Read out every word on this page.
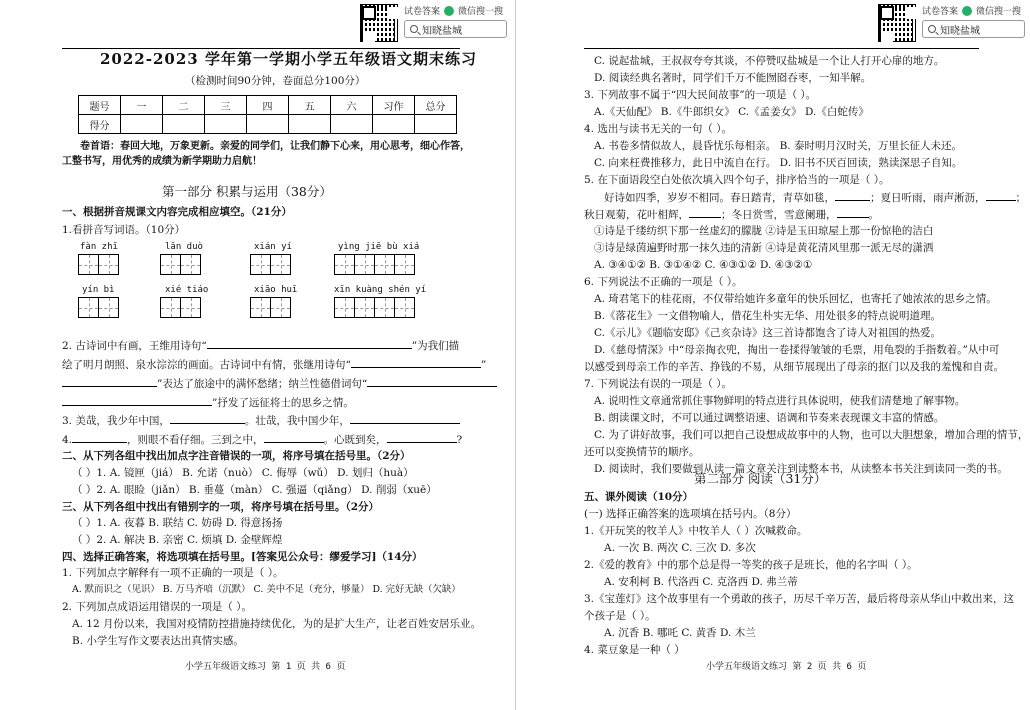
试卷答案 微信搜一搜
知晓盐城
2022-2023 学年第一学期小学五年级语文期末练习
（检测时间90分钟，卷面总分100分）
题号	一	二	三	四	五	六	习作	总分
得分								
卷首语：春回大地，万象更新。亲爱的同学们，让我们静下心来，用心思考，细心作答，
工整书写，用优秀的成绩为新学期助力启航！
第一部分 积累与运用（38分）
一、根据拼音规课文内容完成相应填空。（21分）
1.看拼音写词语。（10分）
fàn zhī	lǎn duò	xián yí	yìng jiē bù xiá
yín bì	xié tiáo	xiāo huī	xīn kuàng shén yí
2. 古诗词中有画，王维用诗句“	”为我们描
绘了明月朗照、泉水淙淙的画面。古诗词中有情，张继用诗句“	”
”表达了旅途中的满怀愁绪；纳兰性德借词句“
”抒发了远征将士的思乡之情。
3. 美哉，我少年中国，	。壮哉，我中国少年，
4.	，则眼不看仔细。三到之中，	。心既到矣，	?
二、从下列各组中找出加点字注音错误的一项，将序号填在括号里。（2分）
（ ）1. A. 镜匣（jiá） B. 允诺（nuò） C. 侮辱（wǔ） D. 划归（huà）
（ ）2. A. 眼睑（jiǎn） B. 垂蔓（màn） C. 强逼（qiǎng） D. 削弱（xuē）
三、从下列各组中找出有错别字的一项，将序号填在括号里。（2分）
（ ）1. A. 夜暮 B. 联结 C. 妨碍 D. 得意扬扬
（ ）2. A. 解决 B. 亲密 C. 烦填 D. 金壁辉煌
四、选择正确答案，将选项填在括号里。[答案见公众号：缪爱学习]（14分）
1. 下列加点字解释有一项不正确的一项是（ ）。
A. 默而识之（见识） B. 万马齐喑（沉默） C. 美中不足（充分，够量） D. 完好无缺（欠缺）
2. 下列加点成语运用错误的一项是（ ）。
A. 12 月份以来，我国对疫情防控措施持续优化，为的是扩大生产，让老百姓安居乐业。
B. 小学生写作文要表达出真情实感。
小学五年级语文练习 第 1 页 共 6 页
试卷答案 微信搜一搜
知晓盐城
C. 说起盐城，王叔叔夸夸其谈，不停赞叹盐城是一个让人打开心扉的地方。
D. 阅读经典名著时，同学们千万不能囫囵吞枣，一知半解。
3. 下列故事不属于“四大民间故事”的一项是（ ）。
A.《天仙配》 B.《牛郎织女》 C.《孟姜女》 D.《白蛇传》
4. 选出与读书无关的一句（ ）。
A. 书卷多情似故人，晨昏忧乐每相亲。 B. 泰时明月汉时关，万里长征人未还。
C. 向来枉费推移力，此日中流自在行。 D. 旧书不厌百回读，熟读深思子自知。
5. 在下面语段空白处依次填入四个句子，排序恰当的一项是（ ）。
好诗如四季，岁岁不相同。春日踏青，青草如毯，	；夏日听雨，雨声淅沥，	；
秋日观菊，花叶相辉，	；冬日赏雪，雪意阑珊，	。
①诗是千缕纺织下那一丝虚幻的朦胧 ②诗是玉田琼屋上那一份惊艳的洁白
③诗是绿茵遍野时那一抹久违的清新 ④诗是黄花清风里那一派无尽的潇洒
A. ③④①② B. ③①④② C. ④③①② D. ④③②①
6. 下列说法不正确的一项是（ ）。
A. 琦君笔下的桂花雨，不仅带给她许多童年的快乐回忆，也寄托了她浓浓的思乡之情。
B.《落花生》一文借物喻人，借花生朴实无华、用处很多的特点说明道理。
C.《示儿》《题临安邸》《己亥杂诗》这三首诗都饱含了诗人对祖国的热爱。
D.《慈母情深》中“母亲掏衣兜，掏出一卷揉得皱皱的毛票，用龟裂的手指数着。”从中可
以感受到母亲工作的辛苦、挣钱的不易，从细节展现出了母亲的抠门以及我的羞愧和自责。
7. 下列说法有误的一项是（ ）。
A. 说明性文章通常抓住事物鲜明的特点进行具体说明，使我们清楚地了解事物。
B. 朗读课文时，不可以通过调整语速、语调和节奏来表现课文丰富的情感。
C. 为了讲好故事，我们可以把自己设想成故事中的人物，也可以大胆想象，增加合理的情节，
还可以变换情节的顺序。
D. 阅读时，我们要做到从读一篇文章关注到读整本书，从读整本书关注到读同一类的书。
第二部分 阅读（31分）
五、课外阅读（10分）
(一) 选择正确答案的选项填在括号内。（8分）
1.《开玩笑的牧羊人》中牧羊人（ ）次喊救命。
A. 一次 B. 两次 C. 三次 D. 多次
2.《爱的教育》中的那个总是得一等奖的孩子是班长，他的名字叫（ ）。
A. 安利柯 B. 代洛西 C. 克洛西 D. 弗兰蒂
3.《宝莲灯》这个故事里有一个勇敢的孩子，历尽千辛万苦，最后将母亲从华山中救出来，这
个孩子是（ ）。
A. 沉香 B. 哪吒 C. 黄香 D. 木兰
4. 菜豆象是一种（ ）
小学五年级语文练习 第 2 页 共 6 页
